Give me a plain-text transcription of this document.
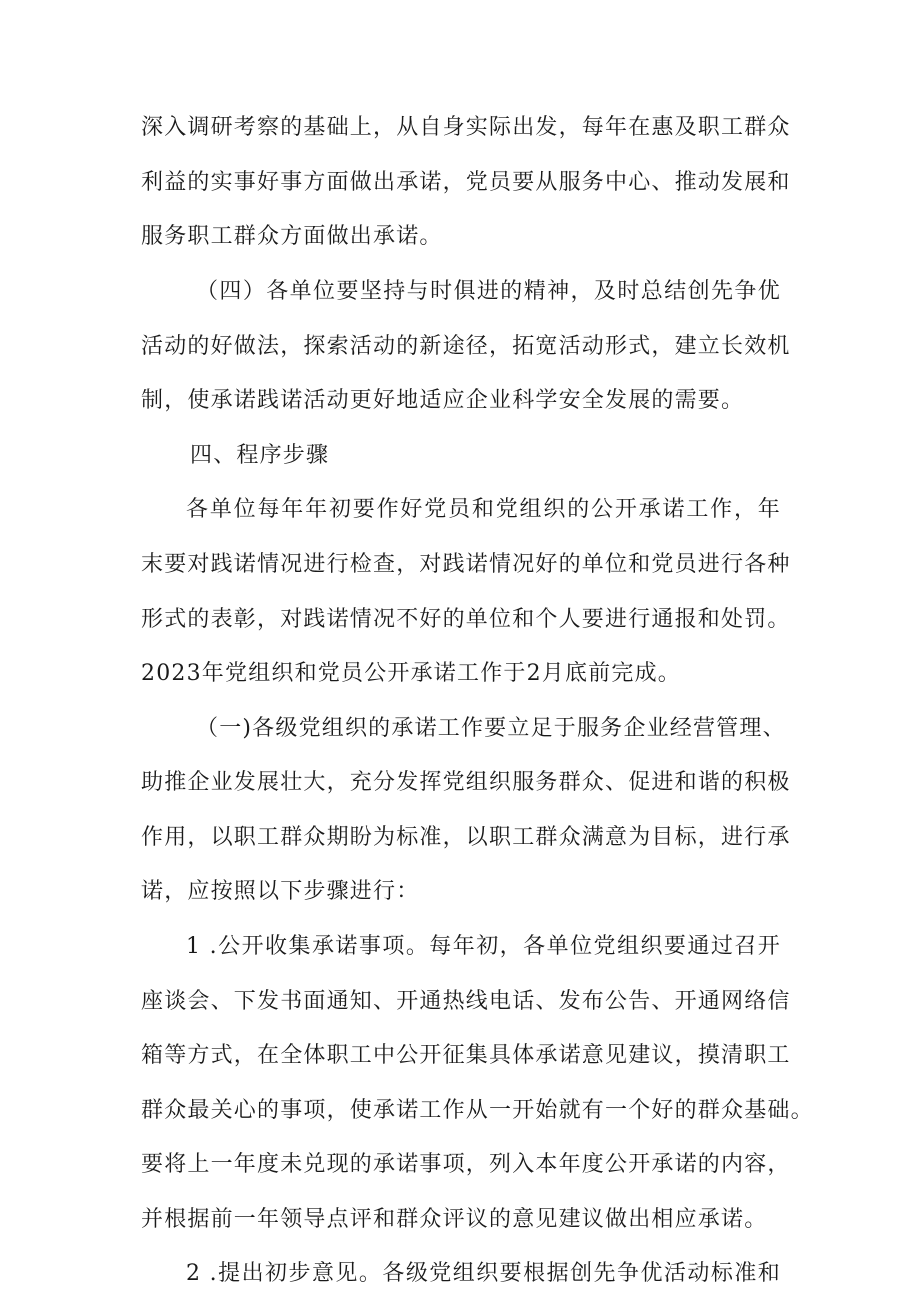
深入调研考察的基础上，从自身实际出发，每年在惠及职工群众
利益的实事好事方面做出承诺，党员要从服务中心、推动发展和
服务职工群众方面做出承诺。
（四）各单位要坚持与时俱进的精神，及时总结创先争优
活动的好做法，探索活动的新途径，拓宽活动形式，建立长效机
制，使承诺践诺活动更好地适应企业科学安全发展的需要。
四、程序步骤
各单位每年年初要作好党员和党组织的公开承诺工作，年
末要对践诺情况进行检查，对践诺情况好的单位和党员进行各种
形式的表彰，对践诺情况不好的单位和个人要进行通报和处罚。
2023年党组织和党员公开承诺工作于2月底前完成。
（一)各级党组织的承诺工作要立足于服务企业经营管理、
助推企业发展壮大，充分发挥党组织服务群众、促进和谐的积极
作用，以职工群众期盼为标准，以职工群众满意为目标，进行承
诺，应按照以下步骤进行：
1 .公开收集承诺事项。每年初，各单位党组织要通过召开
座谈会、下发书面通知、开通热线电话、发布公告、开通网络信
箱等方式，在全体职工中公开征集具体承诺意见建议，摸清职工
群众最关心的事项，使承诺工作从一开始就有一个好的群众基础。
要将上一年度未兑现的承诺事项，列入本年度公开承诺的内容，
并根据前一年领导点评和群众评议的意见建议做出相应承诺。
2 .提出初步意见。各级党组织要根据创先争优活动标准和
